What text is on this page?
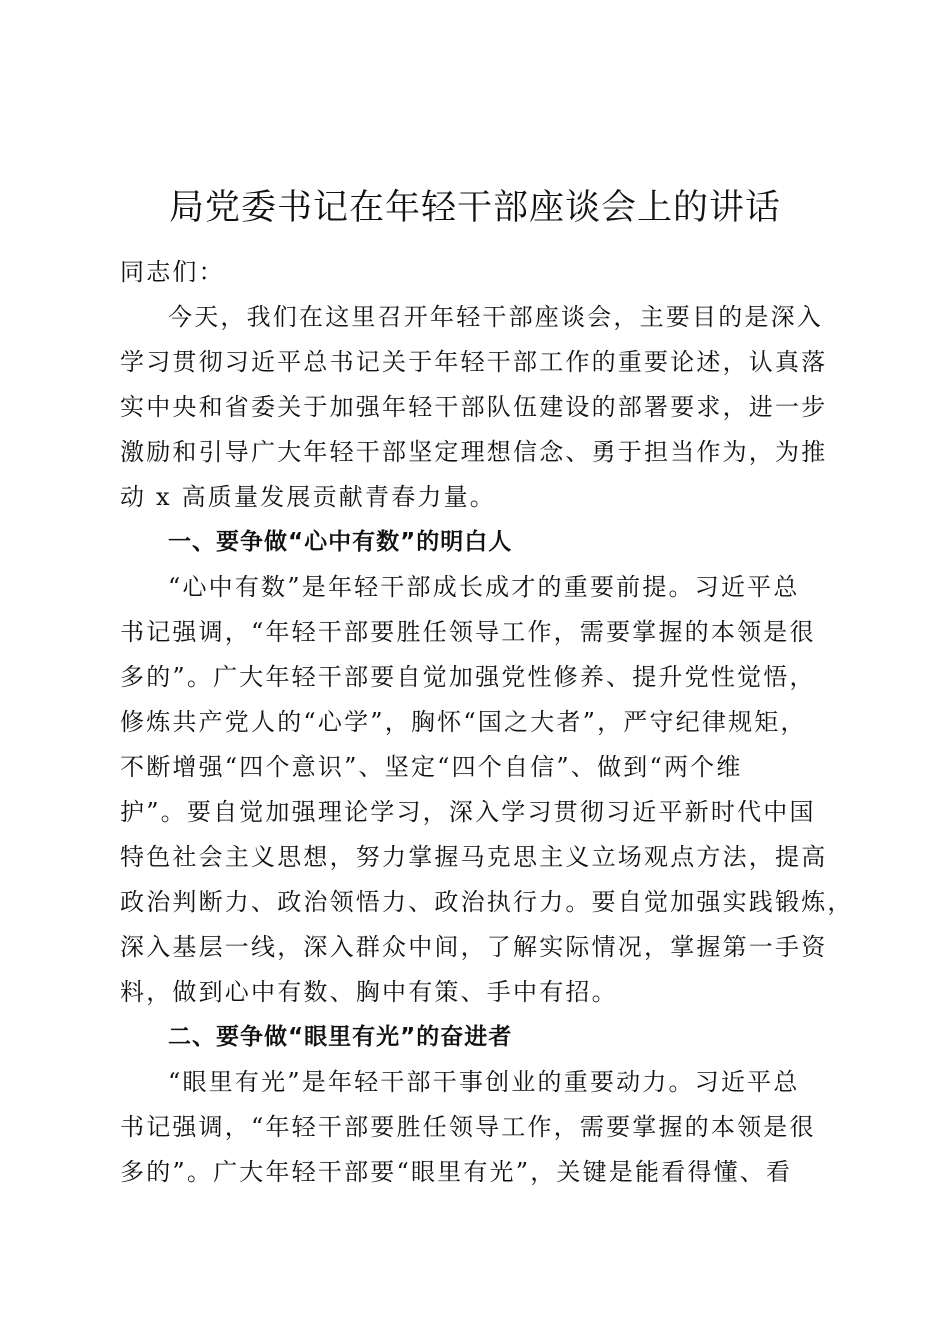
局党委书记在年轻干部座谈会上的讲话
同志们：
今天，我们在这里召开年轻干部座谈会，主要目的是深入
学习贯彻习近平总书记关于年轻干部工作的重要论述，认真落
实中央和省委关于加强年轻干部队伍建设的部署要求，进一步
激励和引导广大年轻干部坚定理想信念、勇于担当作为，为推
动 x 高质量发展贡献青春力量。
一、要争做“心中有数”的明白人
“心中有数”是年轻干部成长成才的重要前提。习近平总
书记强调，“年轻干部要胜任领导工作，需要掌握的本领是很
多的”。广大年轻干部要自觉加强党性修养、提升党性觉悟，
修炼共产党人的“心学”，胸怀“国之大者”，严守纪律规矩，
不断增强“四个意识”、坚定“四个自信”、做到“两个维
护”。要自觉加强理论学习，深入学习贯彻习近平新时代中国
特色社会主义思想，努力掌握马克思主义立场观点方法，提高
政治判断力、政治领悟力、政治执行力。要自觉加强实践锻炼，
深入基层一线，深入群众中间，了解实际情况，掌握第一手资
料，做到心中有数、胸中有策、手中有招。
二、要争做“眼里有光”的奋进者
“眼里有光”是年轻干部干事创业的重要动力。习近平总
书记强调，“年轻干部要胜任领导工作，需要掌握的本领是很
多的”。广大年轻干部要“眼里有光”，关键是能看得懂、看
